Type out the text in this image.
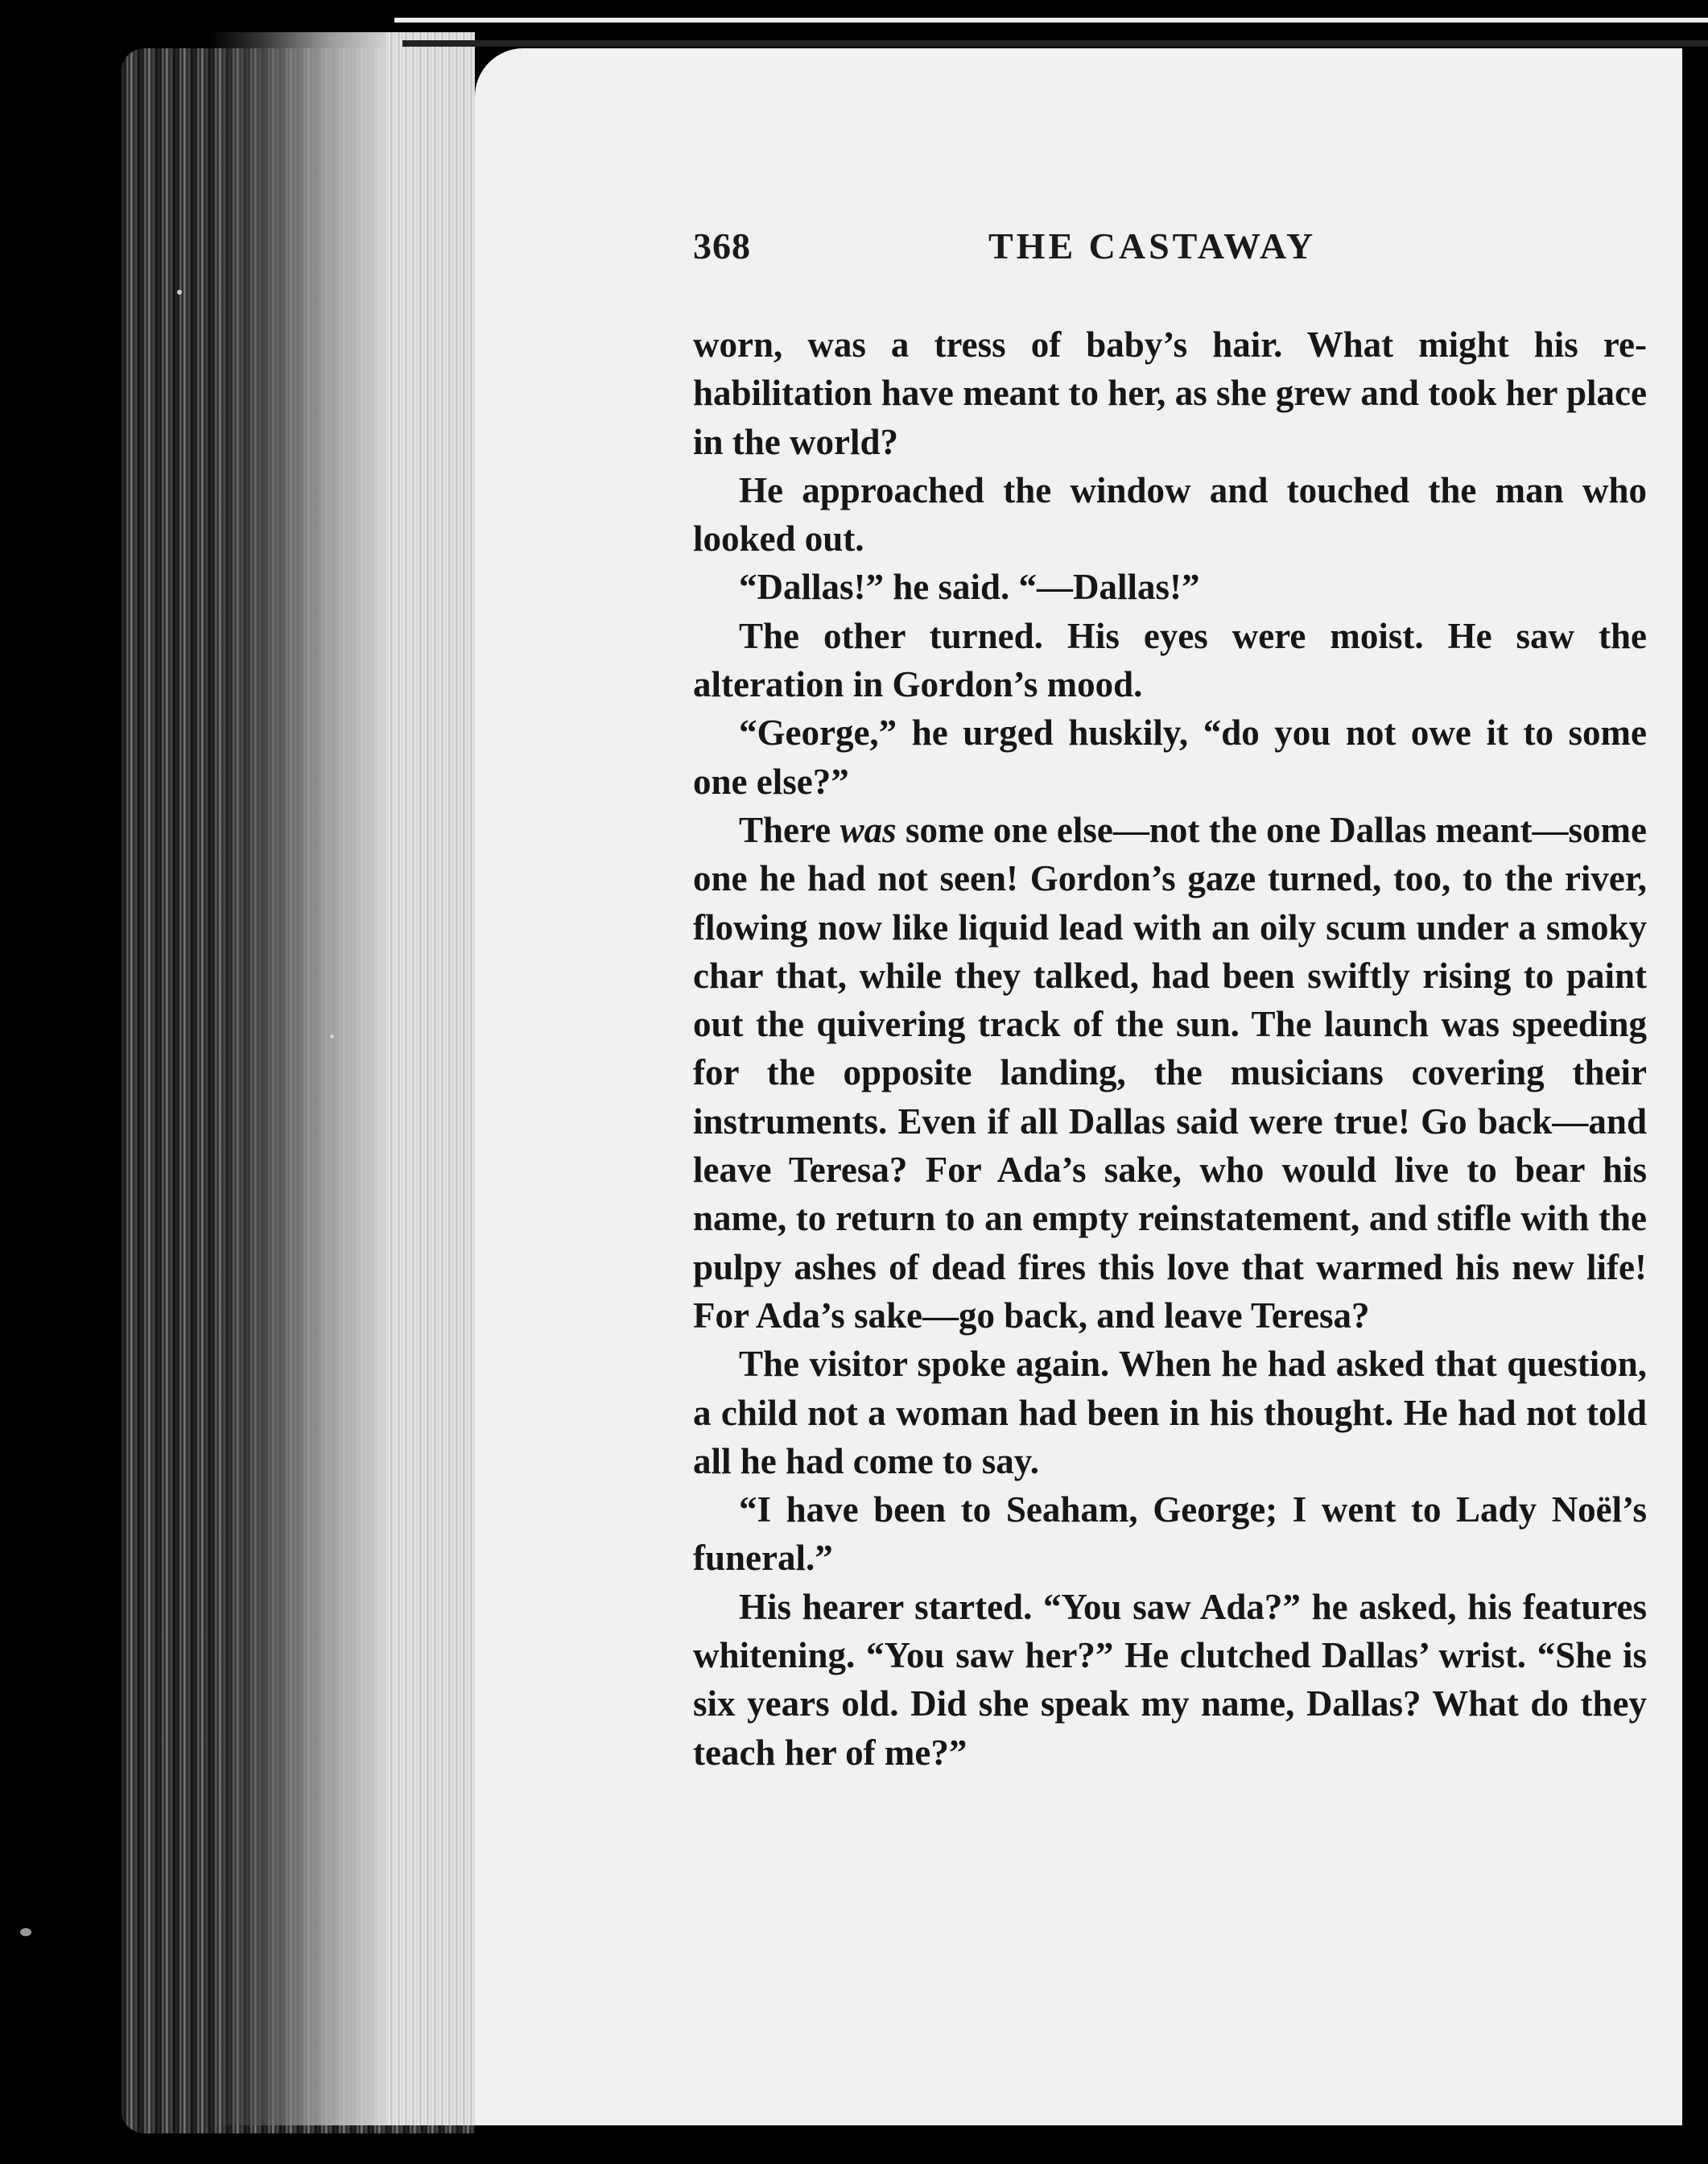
368	THE CASTAWAY

worn, was a tress of baby’s hair. What might his re-habilitation have meant to her, as she grew and took her place in the world?

He approached the window and touched the man who looked out.

“Dallas!” he said. “—Dallas!”

The other turned. His eyes were moist. He saw the alteration in Gordon’s mood.

“George,” he urged huskily, “do you not owe it to some one else?”

There was some one else—not the one Dallas meant—some one he had not seen! Gordon’s gaze turned, too, to the river, flowing now like liquid lead with an oily scum under a smoky char that, while they talked, had been swiftly rising to paint out the quivering track of the sun. The launch was speeding for the opposite landing, the musicians covering their instruments. Even if all Dallas said were true! Go back—and leave Teresa? For Ada’s sake, who would live to bear his name, to return to an empty reinstatement, and stifle with the pulpy ashes of dead fires this love that warmed his new life! For Ada’s sake—go back, and leave Teresa?

The visitor spoke again. When he had asked that question, a child not a woman had been in his thought. He had not told all he had come to say.

“I have been to Seaham, George; I went to Lady Noël’s funeral.”

His hearer started. “You saw Ada?” he asked, his features whitening. “You saw her?” He clutched Dallas’ wrist. “She is six years old. Did she speak my name, Dallas? What do they teach her of me?”
